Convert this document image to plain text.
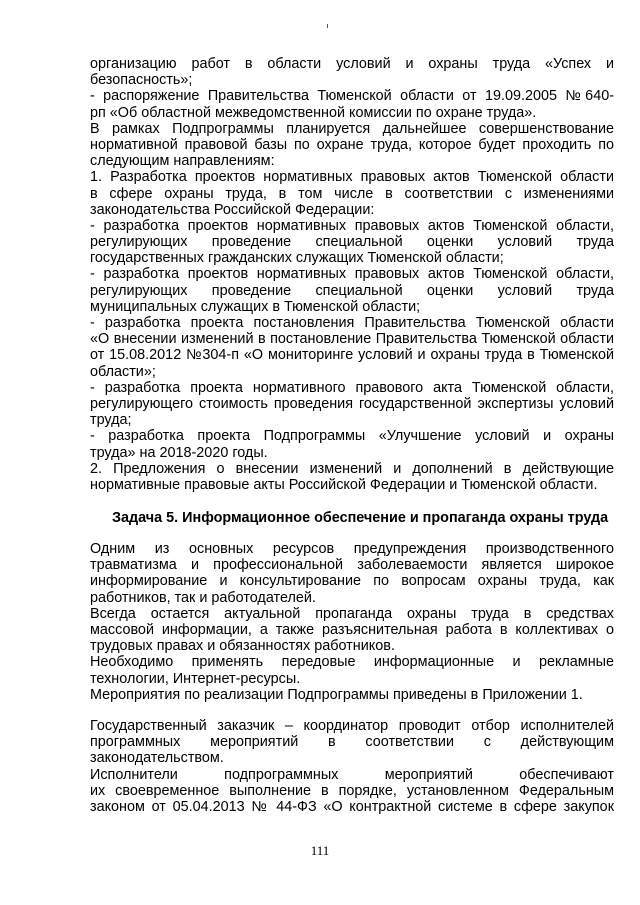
организацию работ в области условий и охраны труда «Успех и
безопасность»;
- распоряжение Правительства Тюменской области от 19.09.2005 №640-
рп «Об областной межведомственной комиссии по охране труда».
В рамках Подпрограммы планируется дальнейшее совершенствование
нормативной правовой базы по охране труда, которое будет проходить по
следующим направлениям:
1. Разработка проектов нормативных правовых актов Тюменской области
в сфере охраны труда, в том числе в соответствии с изменениями
законодательства Российской Федерации:
- разработка проектов нормативных правовых актов Тюменской области,
регулирующих проведение специальной оценки условий труда
государственных гражданских служащих Тюменской области;
- разработка проектов нормативных правовых актов Тюменской области,
регулирующих проведение специальной оценки условий труда
муниципальных служащих в Тюменской области;
- разработка проекта постановления Правительства Тюменской области
«О внесении изменений в постановление Правительства Тюменской области
от 15.08.2012 №304-п «О мониторинге условий и охраны труда в Тюменской
области»;
- разработка проекта нормативного правового акта Тюменской области,
регулирующего стоимость проведения государственной экспертизы условий
труда;
- разработка проекта Подпрограммы «Улучшение условий и охраны
труда» на 2018-2020 годы.
2. Предложения о внесении изменений и дополнений в действующие
нормативные правовые акты Российской Федерации и Тюменской области.
Задача 5. Информационное обеспечение и пропаганда охраны труда
Одним из основных ресурсов предупреждения производственного
травматизма и профессиональной заболеваемости является широкое
информирование и консультирование по вопросам охраны труда, как
работников, так и работодателей.
Всегда остается актуальной пропаганда охраны труда в средствах
массовой информации, а также разъяснительная работа в коллективах о
трудовых правах и обязанностях работников.
Необходимо применять передовые информационные и рекламные
технологии, Интернет-ресурсы.
Мероприятия по реализации Подпрограммы приведены в Приложении 1.
Государственный заказчик – координатор проводит отбор исполнителей
программных мероприятий в соответствии с действующим
законодательством.
Исполнители подпрограммных мероприятий обеспечивают
их своевременное выполнение в порядке, установленном Федеральным
законом от 05.04.2013 № 44-ФЗ «О контрактной системе в сфере закупок
111
